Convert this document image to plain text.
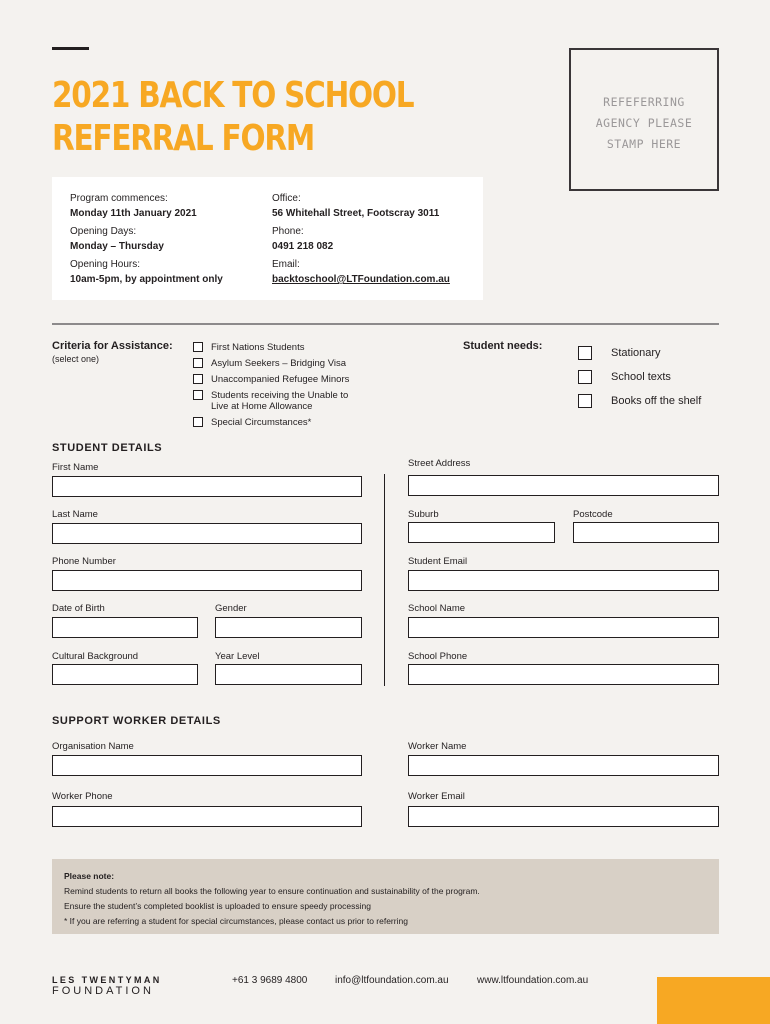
2021 BACK TO SCHOOL
REFERRAL FORM
REFEFERRING
AGENCY PLEASE
STAMP HERE
Program commences:
Monday 11th January 2021
Opening Days:
Monday – Thursday
Opening Hours:
10am-5pm, by appointment only
Office:
56 Whitehall Street, Footscray 3011
Phone:
0491 218 082
Email:
backtoschool@LTFoundation.com.au
Criteria for Assistance:
(select one)
First Nations Students
Asylum Seekers – Bridging Visa
Unaccompanied Refugee Minors
Students receiving the Unable to
Live at Home Allowance
Special Circumstances*
Student needs:
Stationary
School texts
Books off the shelf
STUDENT DETAILS
First Name
Last Name
Phone Number
Date of Birth	Gender
Cultural Background	Year Level
Street Address
Suburb	Postcode
Student Email
School Name
School Phone
SUPPORT WORKER DETAILS
Organisation Name	Worker Name
Worker Phone	Worker Email
Please note:
Remind students to return all books the following year to ensure continuation and sustainability of the program.
Ensure the student’s completed booklist is uploaded to ensure speedy processing
* If you are referring a student for special circumstances, please contact us prior to referring
LES TWENTYMAN
FOUNDATION
+61 3 9689 4800	info@ltfoundation.com.au	www.ltfoundation.com.au
